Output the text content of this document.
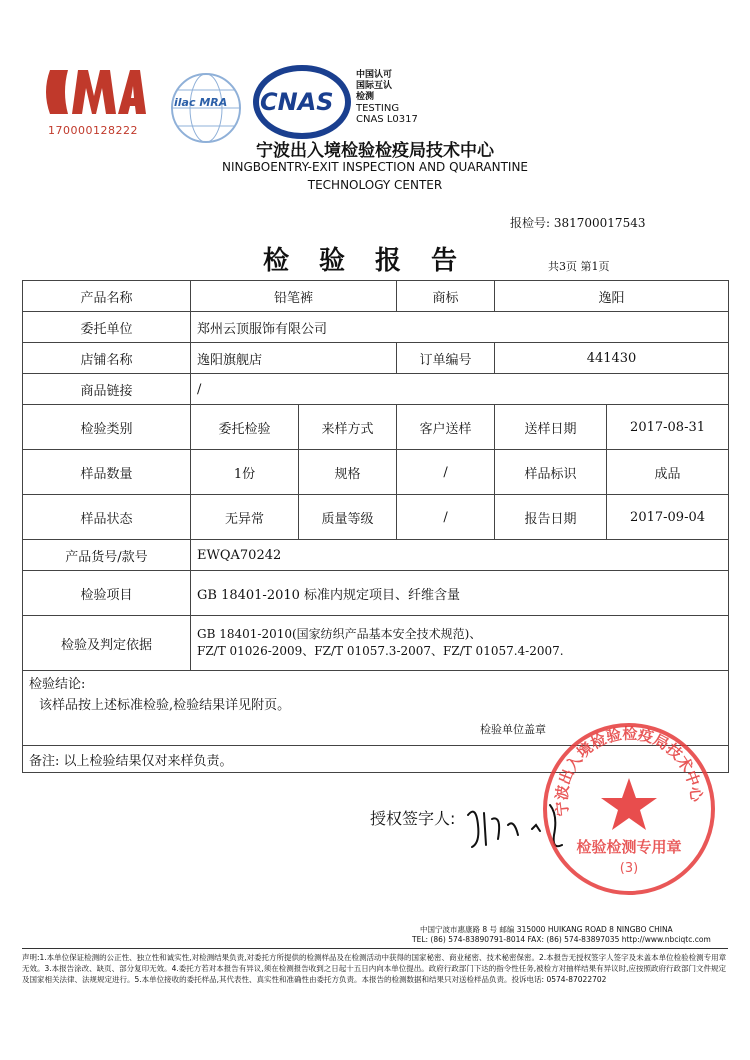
170000128222
ilac MRA CNAS
中国认可
国际互认
检测
TESTING
CNAS L0317
宁波出入境检验检疫局技术中心
NINGBOENTRY-EXIT INSPECTION AND QUARANTINE
TECHNOLOGY CENTER
报检号: 381700017543
检验报告	共3页 第1页
产品名称	铅笔裤		商标	逸阳	
委托单位	郑州云顶服饰有限公司				
店铺名称	逸阳旗舰店		订单编号	441430	
商品链接	/				
检验类别	委托检验	来样方式	客户送样	送样日期	2017-08-31
样品数量	1份	规格	/	样品标识	成品
样品状态	无异常	质量等级	/	报告日期	2017-09-04
产品货号/款号	EWQA70242				
检验项目	GB 18401-2010 标准内规定项目、纤维含量				
检验及判定依据	GB 18401-2010(国家纺织产品基本安全技术规范)、
FZ/T 01026-2009、FZ/T 01057.3-2007、FZ/T 01057.4-2007.				

检验结论:
该样品按上述标准检验,检验结果详见附页。
检验单位盖章					

备注: 以上检验结果仅对来样负责。					
授权签字人:
宁波出入境检验检疫局技术中心
检验检测专用章
(3)
中国宁波市惠康路 8 号 邮编 315000 HUIKANG ROAD 8 NINGBO CHINA
TEL: (86) 574-83890791-8014 FAX: (86) 574-83897035 http://www.nbciqtc.com
声明:1.本单位保证检测的公正性、独立性和诚实性,对检测结果负责,对委托方所提供的检测样品及在检测活动中获得的国家秘密、商业秘密、技术秘密保密。2.本报告无授权签字人签字及未盖本单位检验检测专用章无效。3.本报告涂改、缺页、部分复印无效。4.委托方若对本报告有异议,须在检测报告收到之日起十五日内向本单位提出。政府行政部门下达的指令性任务,被检方对抽样结果有异议时,应按照政府行政部门文件规定及国家相关法律、法规规定进行。5.本单位接收的委托样品,其代表性、真实性和准确性由委托方负责。本报告的检测数据和结果只对送检样品负责。投诉电话: 0574-87022702
